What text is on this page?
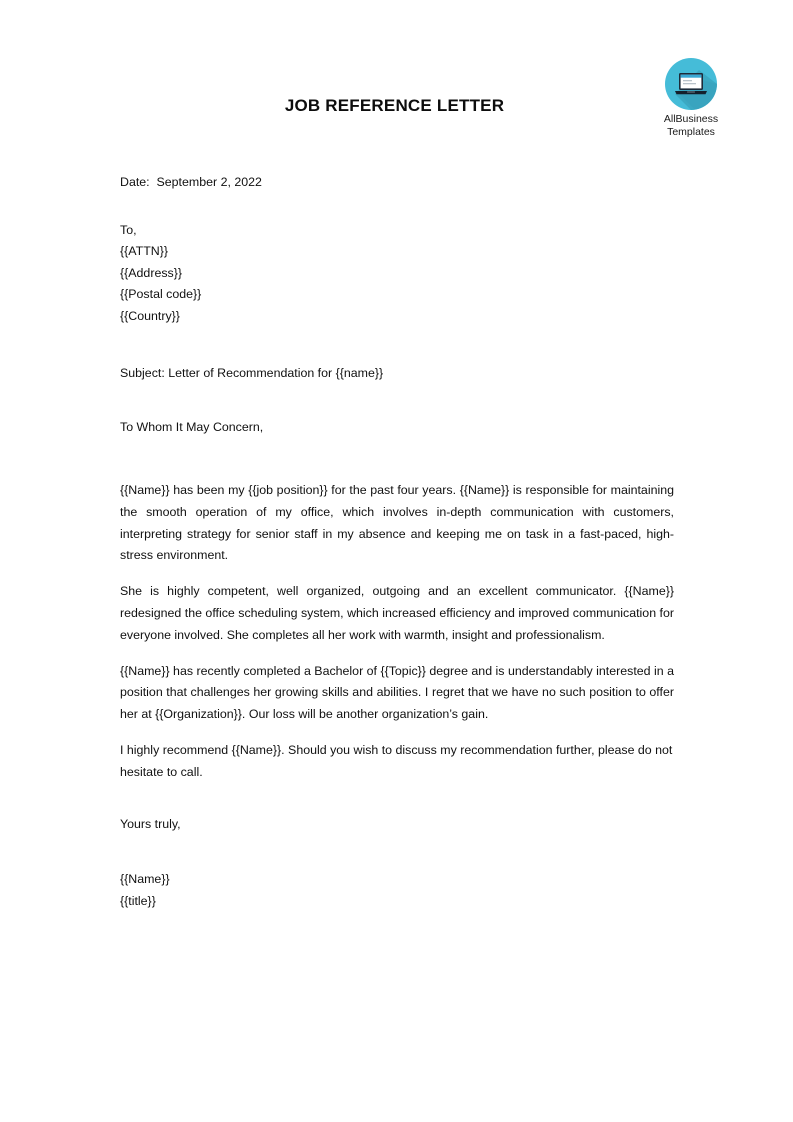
AllBusiness
Templates
JOB REFERENCE LETTER
Date: September 2, 2022
To,
{{ATTN}}
{{Address}}
{{Postal code}}
{{Country}}
Subject: Letter of Recommendation for {{name}}
To Whom It May Concern,

{{Name}} has been my {{job position}} for the past four years. {{Name}} is responsible for maintaining the smooth operation of my office, which involves in-depth communication with customers, interpreting strategy for senior staff in my absence and keeping me on task in a fast-paced, high-stress environment.

She is highly competent, well organized, outgoing and an excellent communicator. {{Name}} redesigned the office scheduling system, which increased efficiency and improved communication for everyone involved. She completes all her work with warmth, insight and professionalism.

{{Name}} has recently completed a Bachelor of {{Topic}} degree and is understandably interested in a position that challenges her growing skills and abilities. I regret that we have no such position to offer her at {{Organization}}. Our loss will be another organization’s gain.

I highly recommend {{Name}}. Should you wish to discuss my recommendation further, please do not hesitate to call.

Yours truly,
{{Name}}
{{title}}
